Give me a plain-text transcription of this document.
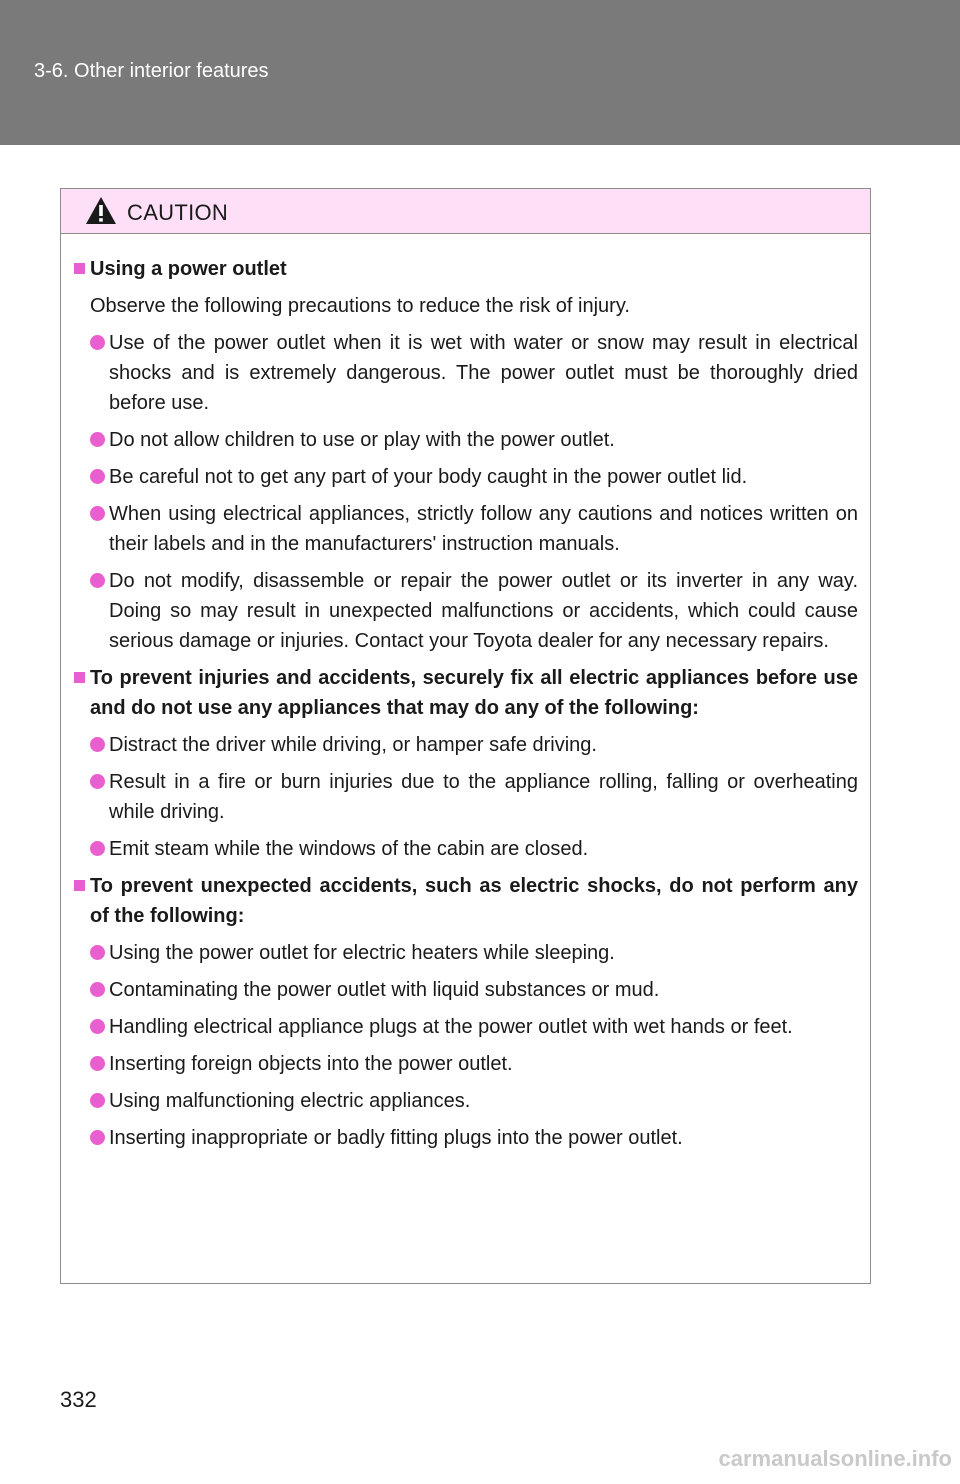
3-6. Other interior features
CAUTION
Using a power outlet
Observe the following precautions to reduce the risk of injury.
Use of the power outlet when it is wet with water or snow may result in electrical shocks and is extremely dangerous. The power outlet must be thoroughly dried before use.
Do not allow children to use or play with the power outlet.
Be careful not to get any part of your body caught in the power outlet lid.
When using electrical appliances, strictly follow any cautions and notices written on their labels and in the manufacturers' instruction manuals.
Do not modify, disassemble or repair the power outlet or its inverter in any way. Doing so may result in unexpected malfunctions or accidents, which could cause serious damage or injuries. Contact your Toyota dealer for any necessary repairs.
To prevent injuries and accidents, securely fix all electric appliances before use and do not use any appliances that may do any of the following:
Distract the driver while driving, or hamper safe driving.
Result in a fire or burn injuries due to the appliance rolling, falling or overheating while driving.
Emit steam while the windows of the cabin are closed.
To prevent unexpected accidents, such as electric shocks, do not perform any of the following:
Using the power outlet for electric heaters while sleeping.
Contaminating the power outlet with liquid substances or mud.
Handling electrical appliance plugs at the power outlet with wet hands or feet.
Inserting foreign objects into the power outlet.
Using malfunctioning electric appliances.
Inserting inappropriate or badly fitting plugs into the power outlet.
332
carmanualsonline.info
